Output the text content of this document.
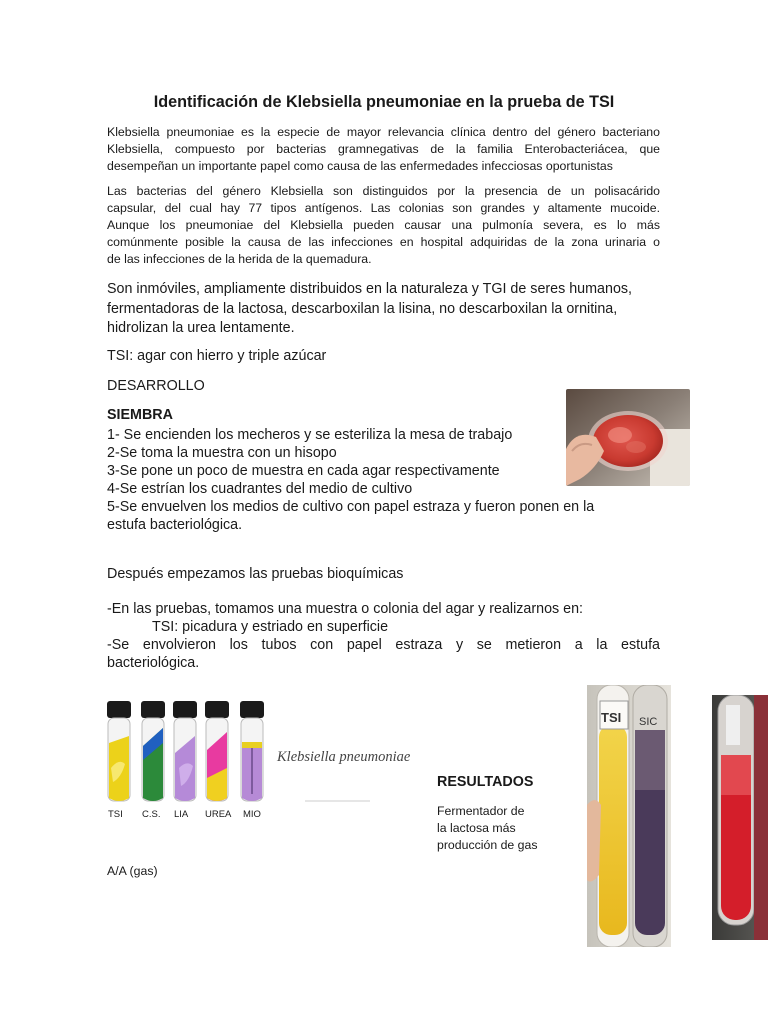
Identificación de Klebsiella pneumoniae en la prueba de TSI
Klebsiella pneumoniae es la especie de mayor relevancia clínica dentro del género bacteriano
Klebsiella, compuesto por bacterias gramnegativas de la familia Enterobacteriácea, que
desempeñan un importante papel como causa de las enfermedades infecciosas oportunistas
Las bacterias del género Klebsiella son distinguidos por la presencia de un polisacárido
capsular, del cual hay 77 tipos antígenos. Las colonias son grandes y altamente mucoide.
Aunque los pneumoniae del Klebsiella pueden causar una pulmonía severa, es lo más
comúnmente posible la causa de las infecciones en hospital adquiridas de la zona urinaria o
de las infecciones de la herida de la quemadura.
Son inmóviles, ampliamente distribuidos en la naturaleza y TGI de seres humanos,
fermentadoras de la lactosa, descarboxilan la lisina, no descarboxilan la ornitina,
hidrolizan la urea lentamente.
TSI: agar con hierro y triple azúcar
DESARROLLO
SIEMBRA
1- Se encienden los mecheros y se esteriliza la mesa de trabajo
2-Se toma la muestra con un hisopo
3-Se pone un poco de muestra en cada agar respectivamente
4-Se estrían los cuadrantes del medio de cultivo
5-Se envuelven los medios de cultivo con papel estraza y fueron ponen en la
estufa bacteriológica.
Después empezamos las pruebas bioquímicas
-En las pruebas, tomamos una muestra o colonia del agar y realizarnos en:
TSI: picadura y estriado en superficie
-Se envolvieron los tubos con papel estraza y se metieron a la estufa
bacteriológica.
TSI C.S. LIA UREA MIO
Klebsiella pneumoniae
RESULTADOS
Fermentador de
la lactosa más
producción de gas
A/A (gas)
TSI SIC
